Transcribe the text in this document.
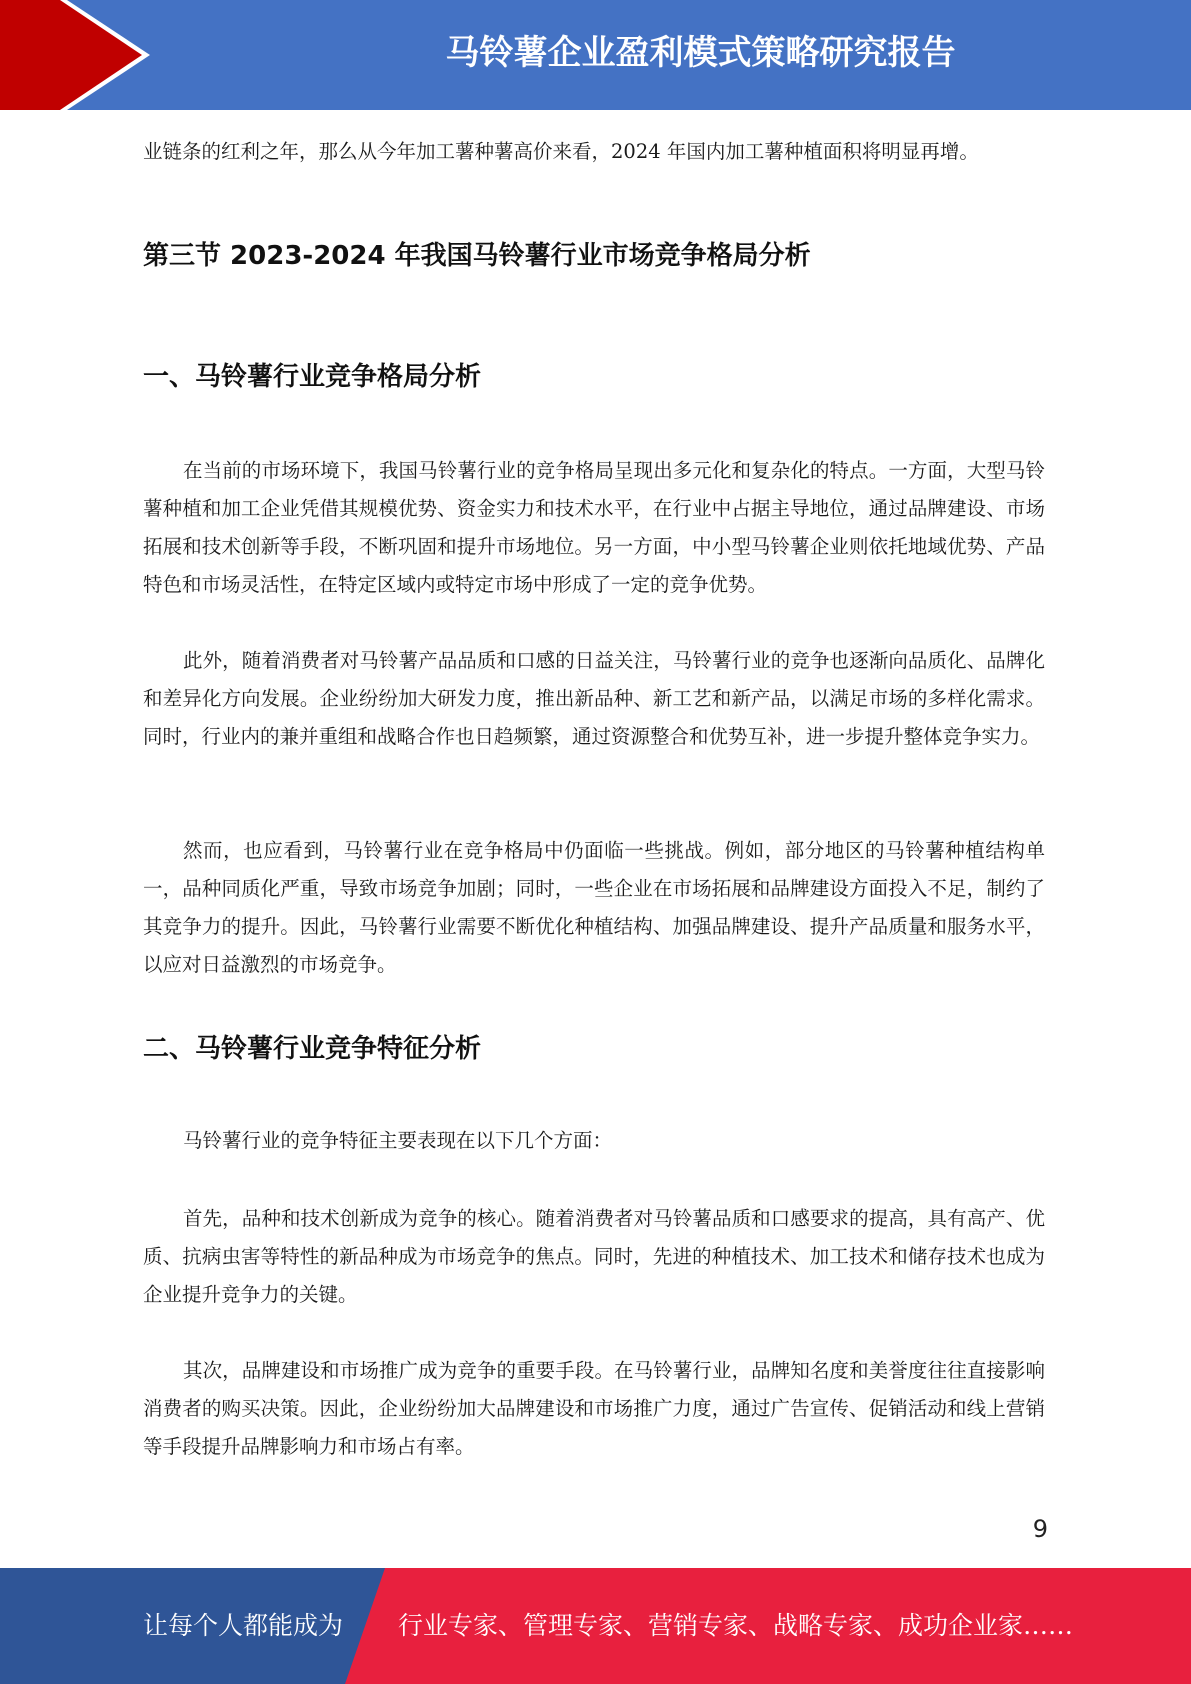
马铃薯企业盈利模式策略研究报告

业链条的红利之年，那么从今年加工薯种薯高价来看，2024 年国内加工薯种植面积将明显再增。

第三节 2023-2024 年我国马铃薯行业市场竞争格局分析
一、马铃薯行业竞争格局分析

在当前的市场环境下，我国马铃薯行业的竞争格局呈现出多元化和复杂化的特点。一方面，大型马铃薯种植和加工企业凭借其规模优势、资金实力和技术水平，在行业中占据主导地位，通过品牌建设、市场拓展和技术创新等手段，不断巩固和提升市场地位。另一方面，中小型马铃薯企业则依托地域优势、产品特色和市场灵活性，在特定区域内或特定市场中形成了一定的竞争优势。

此外，随着消费者对马铃薯产品品质和口感的日益关注，马铃薯行业的竞争也逐渐向品质化、品牌化和差异化方向发展。企业纷纷加大研发力度，推出新品种、新工艺和新产品，以满足市场的多样化需求。同时，行业内的兼并重组和战略合作也日趋频繁，通过资源整合和优势互补，进一步提升整体竞争实力。

然而，也应看到，马铃薯行业在竞争格局中仍面临一些挑战。例如，部分地区的马铃薯种植结构单一，品种同质化严重，导致市场竞争加剧；同时，一些企业在市场拓展和品牌建设方面投入不足，制约了其竞争力的提升。因此，马铃薯行业需要不断优化种植结构、加强品牌建设、提升产品质量和服务水平，以应对日益激烈的市场竞争。

二、马铃薯行业竞争特征分析

马铃薯行业的竞争特征主要表现在以下几个方面：

首先，品种和技术创新成为竞争的核心。随着消费者对马铃薯品质和口感要求的提高，具有高产、优质、抗病虫害等特性的新品种成为市场竞争的焦点。同时，先进的种植技术、加工技术和储存技术也成为企业提升竞争力的关键。

其次，品牌建设和市场推广成为竞争的重要手段。在马铃薯行业，品牌知名度和美誉度往往直接影响消费者的购买决策。因此，企业纷纷加大品牌建设和市场推广力度，通过广告宣传、促销活动和线上营销等手段提升品牌影响力和市场占有率。

9
让每个人都能成为 行业专家、管理专家、营销专家、战略专家、成功企业家……
